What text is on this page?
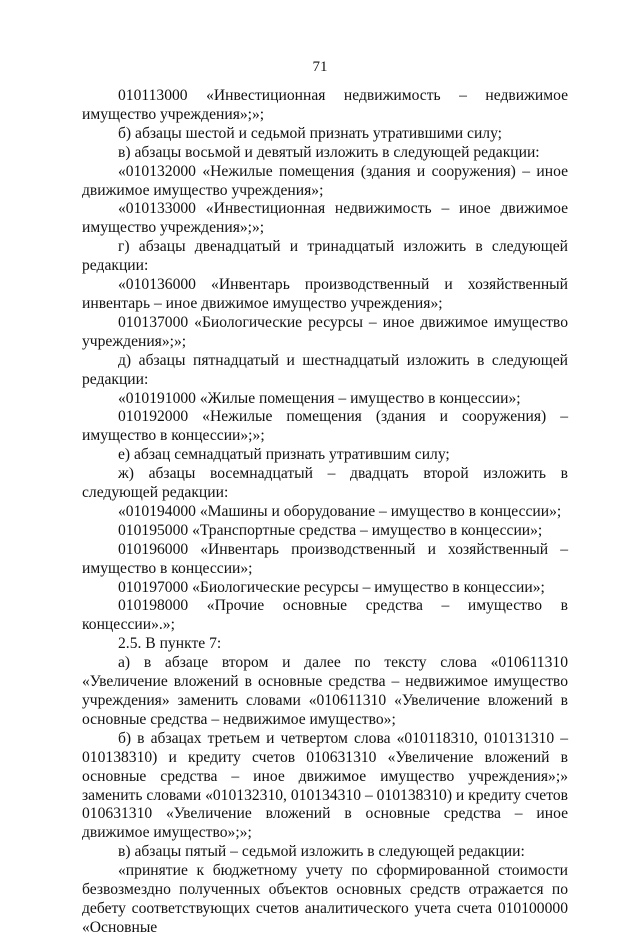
71

010113000 «Инвестиционная недвижимость – недвижимое имущество учреждения»;»;

б) абзацы шестой и седьмой признать утратившими силу;

в) абзацы восьмой и девятый изложить в следующей редакции:

«010132000 «Нежилые помещения (здания и сооружения) – иное движимое имущество учреждения»;

«010133000 «Инвестиционная недвижимость – иное движимое имущество учреждения»;»;

г) абзацы двенадцатый и тринадцатый изложить в следующей редакции:

«010136000 «Инвентарь производственный и хозяйственный инвентарь – иное движимое имущество учреждения»;

010137000 «Биологические ресурсы – иное движимое имущество учреждения»;»;

д) абзацы пятнадцатый и шестнадцатый изложить в следующей редакции:

«010191000 «Жилые помещения – имущество в концессии»;

010192000 «Нежилые помещения (здания и сооружения) – имущество в концессии»;»;

е) абзац семнадцатый признать утратившим силу;

ж) абзацы восемнадцатый – двадцать второй изложить в следующей редакции:

«010194000 «Машины и оборудование – имущество в концессии»;

010195000 «Транспортные средства – имущество в концессии»;

010196000 «Инвентарь производственный и хозяйственный – имущество в концессии»;

010197000 «Биологические ресурсы – имущество в концессии»;

010198000 «Прочие основные средства – имущество в концессии».»;

2.5. В пункте 7:

а) в абзаце втором и далее по тексту слова «010611310 «Увеличение вложений в основные средства – недвижимое имущество учреждения» заменить словами «010611310 «Увеличение вложений в основные средства – недвижимое имущество»;

б) в абзацах третьем и четвертом слова «010118310, 010131310 – 010138310) и кредиту счетов 010631310 «Увеличение вложений в основные средства – иное движимое имущество учреждения»;» заменить словами «010132310, 010134310 – 010138310) и кредиту счетов 010631310 «Увеличение вложений в основные средства – иное движимое имущество»;»;

в) абзацы пятый – седьмой изложить в следующей редакции:

«принятие к бюджетному учету по сформированной стоимости безвозмездно полученных объектов основных средств отражается по дебету соответствующих счетов аналитического учета счета 010100000 «Основные
